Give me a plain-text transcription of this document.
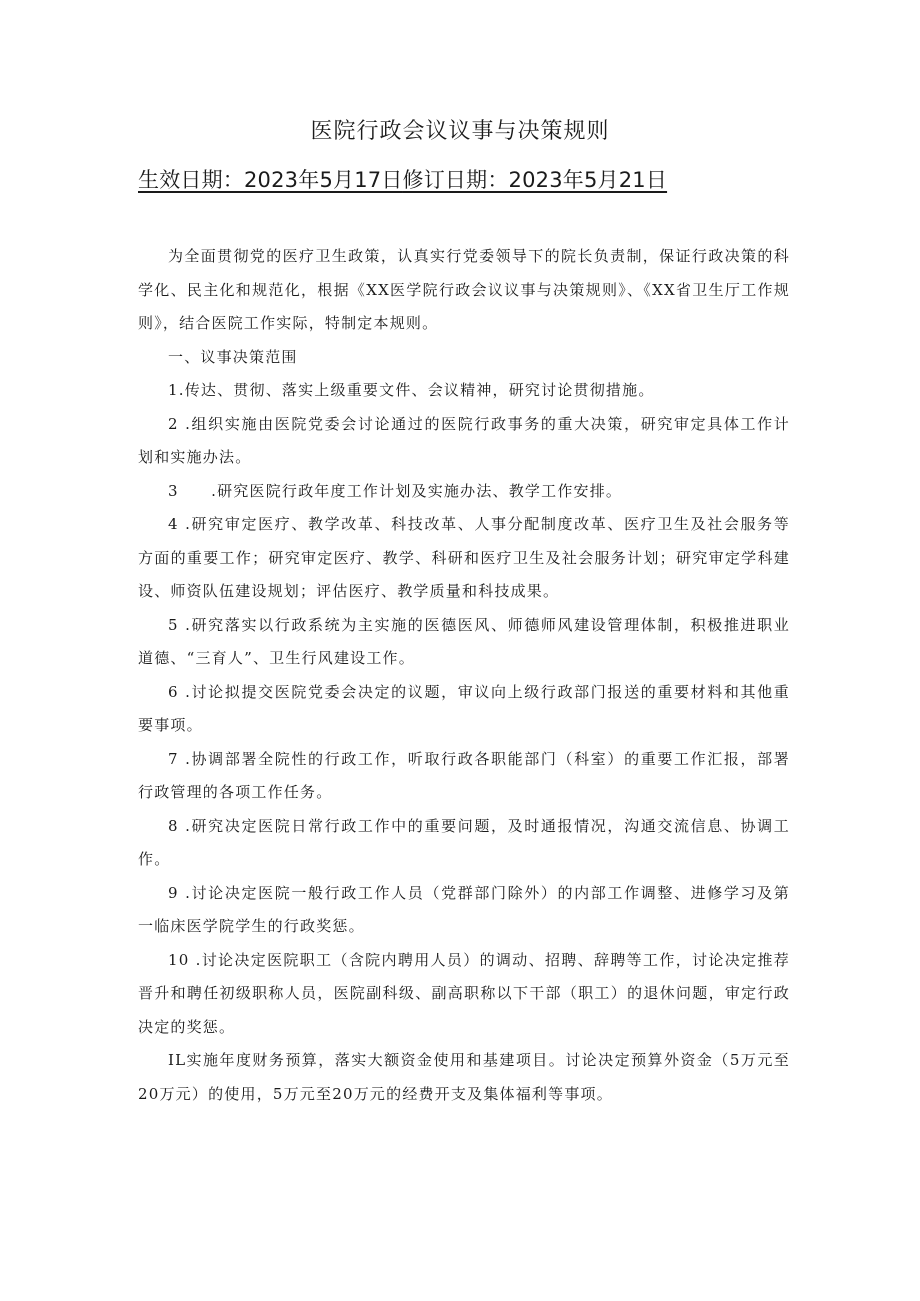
医院行政会议议事与决策规则
生效日期：2023年5月17日修订日期：2023年5月21日

为全面贯彻党的医疗卫生政策，认真实行党委领导下的院长负责制，保证行政决策的科学化、民主化和规范化，根据《XX医学院行政会议议事与决策规则》、《XX省卫生厅工作规则》，结合医院工作实际，特制定本规则。

一、议事决策范围

1.传达、贯彻、落实上级重要文件、会议精神，研究讨论贯彻措施。

2 .组织实施由医院党委会讨论通过的医院行政事务的重大决策，研究审定具体工作计划和实施办法。

3　　.研究医院行政年度工作计划及实施办法、教学工作安排。

4 .研究审定医疗、教学改革、科技改革、人事分配制度改革、医疗卫生及社会服务等方面的重要工作；研究审定医疗、教学、科研和医疗卫生及社会服务计划；研究审定学科建设、师资队伍建设规划；评估医疗、教学质量和科技成果。

5 .研究落实以行政系统为主实施的医德医风、师德师风建设管理体制，积极推进职业道德、“三育人”、卫生行风建设工作。

6 .讨论拟提交医院党委会决定的议题，审议向上级行政部门报送的重要材料和其他重要事项。

7 .协调部署全院性的行政工作，听取行政各职能部门（科室）的重要工作汇报，部署行政管理的各项工作任务。

8 .研究决定医院日常行政工作中的重要问题，及时通报情况，沟通交流信息、协调工作。

9 .讨论决定医院一般行政工作人员（党群部门除外）的内部工作调整、进修学习及第一临床医学院学生的行政奖惩。

10 .讨论决定医院职工（含院内聘用人员）的调动、招聘、辞聘等工作，讨论决定推荐晋升和聘任初级职称人员，医院副科级、副高职称以下干部（职工）的退休问题，审定行政决定的奖惩。

IL实施年度财务预算，落实大额资金使用和基建项目。讨论决定预算外资金（5万元至20万元）的使用，5万元至20万元的经费开支及集体福利等事项。
